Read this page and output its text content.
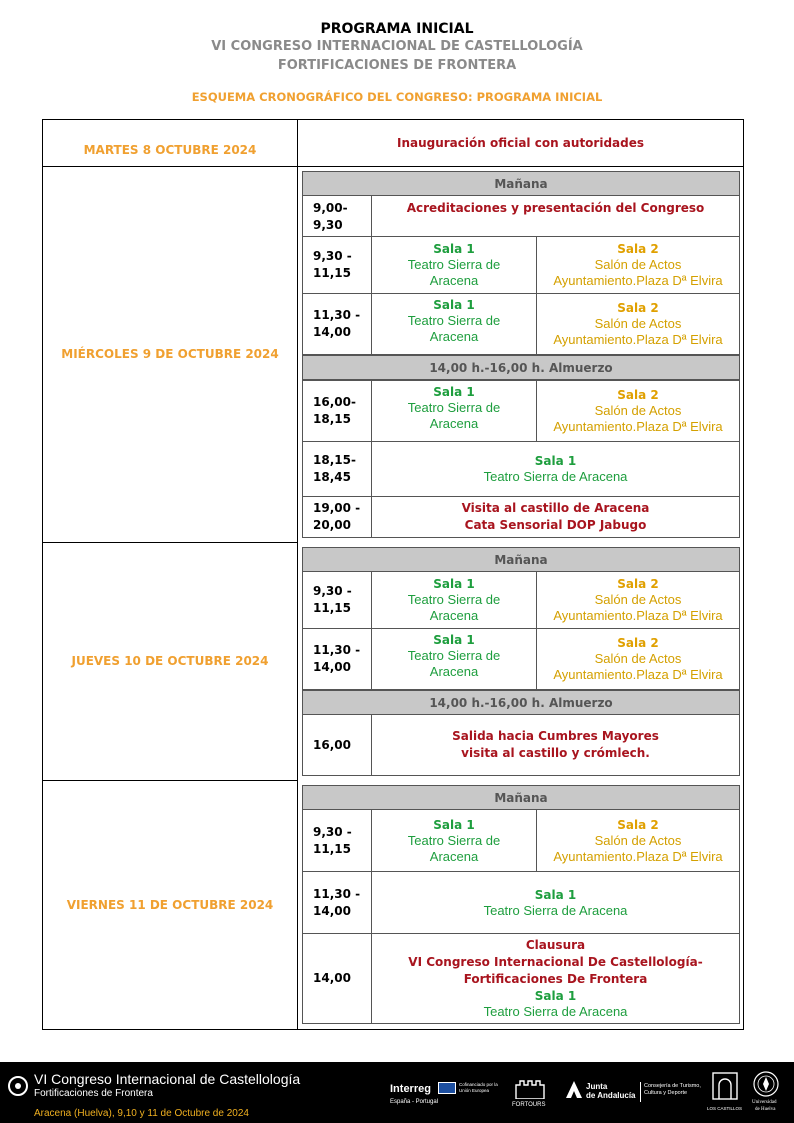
PROGRAMA INICIAL
VI CONGRESO INTERNACIONAL DE CASTELLOLOGÍA
FORTIFICACIONES DE FRONTERA
ESQUEMA CRONOGRÁFICO DEL CONGRESO: PROGRAMA INICIAL
MARTES 8 OCTUBRE 2024
MIÉRCOLES 9 DE OCTUBRE 2024
JUEVES 10 DE OCTUBRE 2024
VIERNES 11 DE OCTUBRE 2024
Inauguración oficial con autoridades
Mañana
9,00-
9,30
Acreditaciones y presentación del Congreso
9,30 -
11,15
Sala 1
Teatro Sierra de
Aracena
Sala 2
Salón de Actos
Ayuntamiento.Plaza Dª Elvira
11,30 -
14,00
Sala 1
Teatro Sierra de
Aracena
Sala 2
Salón de Actos
Ayuntamiento.Plaza Dª Elvira
14,00 h.-16,00 h. Almuerzo
16,00-
18,15
Sala 1
Teatro Sierra de
Aracena
Sala 2
Salón de Actos
Ayuntamiento.Plaza Dª Elvira
18,15-
18,45
Sala 1
Teatro Sierra de Aracena
19,00 -
20,00
Visita al castillo de Aracena
Cata Sensorial DOP Jabugo
Mañana
9,30 -
11,15
Sala 1
Teatro Sierra de
Aracena
Sala 2
Salón de Actos
Ayuntamiento.Plaza Dª Elvira
11,30 -
14,00
Sala 1
Teatro Sierra de
Aracena
Sala 2
Salón de Actos
Ayuntamiento.Plaza Dª Elvira
14,00 h.-16,00 h. Almuerzo
16,00
Salida hacia Cumbres Mayores
visita al castillo y crómlech.
Mañana
9,30 -
11,15
Sala 1
Teatro Sierra de
Aracena
Sala 2
Salón de Actos
Ayuntamiento.Plaza Dª Elvira
11,30 -
14,00
Sala 1
Teatro Sierra de Aracena
14,00
Clausura
VI Congreso Internacional De Castellología-
Fortificaciones De Frontera
Sala 1
Teatro Sierra de Aracena
VI Congreso Internacional de Castellología
Fortificaciones de Frontera
Aracena (Huelva), 9,10 y 11 de Octubre de 2024
Interreg
España - Portugal
Cofinanciado por la Unión Europea
FORTOURS
Junta
de Andalucía
Consejería de Turismo, Cultura y Deporte
LOS CASTILLOS
Universidad
de Huelva
